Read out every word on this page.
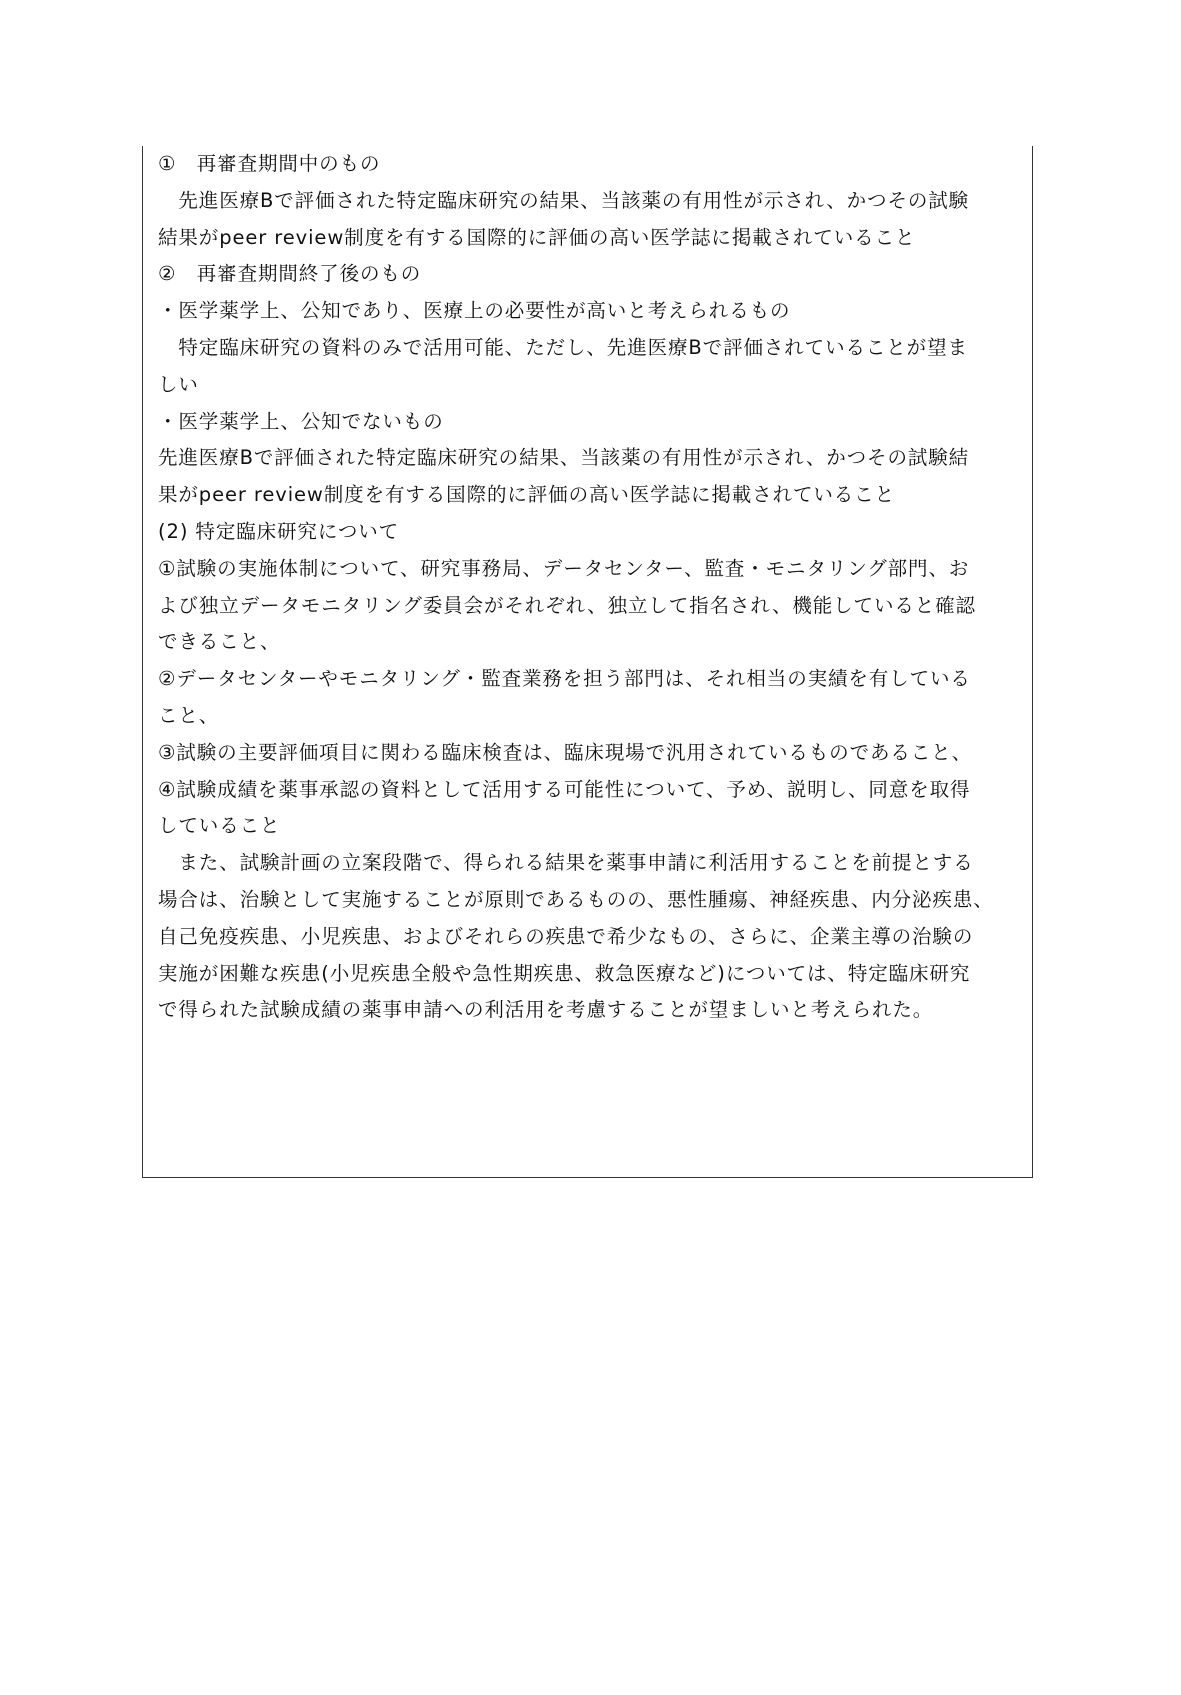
①　再審査期間中のもの
　先進医療Bで評価された特定臨床研究の結果、当該薬の有用性が示され、かつその試験
結果がpeer review制度を有する国際的に評価の高い医学誌に掲載されていること
②　再審査期間終了後のもの
・医学薬学上、公知であり、医療上の必要性が高いと考えられるもの
　特定臨床研究の資料のみで活用可能、ただし、先進医療Bで評価されていることが望ま
しい
・医学薬学上、公知でないもの
先進医療Bで評価された特定臨床研究の結果、当該薬の有用性が示され、かつその試験結
果がpeer review制度を有する国際的に評価の高い医学誌に掲載されていること
(2) 特定臨床研究について
①試験の実施体制について、研究事務局、データセンター、監査・モニタリング部門、お
よび独立データモニタリング委員会がそれぞれ、独立して指名され、機能していると確認
できること、
②データセンターやモニタリング・監査業務を担う部門は、それ相当の実績を有している
こと、
③試験の主要評価項目に関わる臨床検査は、臨床現場で汎用されているものであること、
④試験成績を薬事承認の資料として活用する可能性について、予め、説明し、同意を取得
していること
　また、試験計画の立案段階で、得られる結果を薬事申請に利活用することを前提とする
場合は、治験として実施することが原則であるものの、悪性腫瘍、神経疾患、内分泌疾患、
自己免疫疾患、小児疾患、およびそれらの疾患で希少なもの、さらに、企業主導の治験の
実施が困難な疾患(小児疾患全般や急性期疾患、救急医療など)については、特定臨床研究
で得られた試験成績の薬事申請への利活用を考慮することが望ましいと考えられた。
